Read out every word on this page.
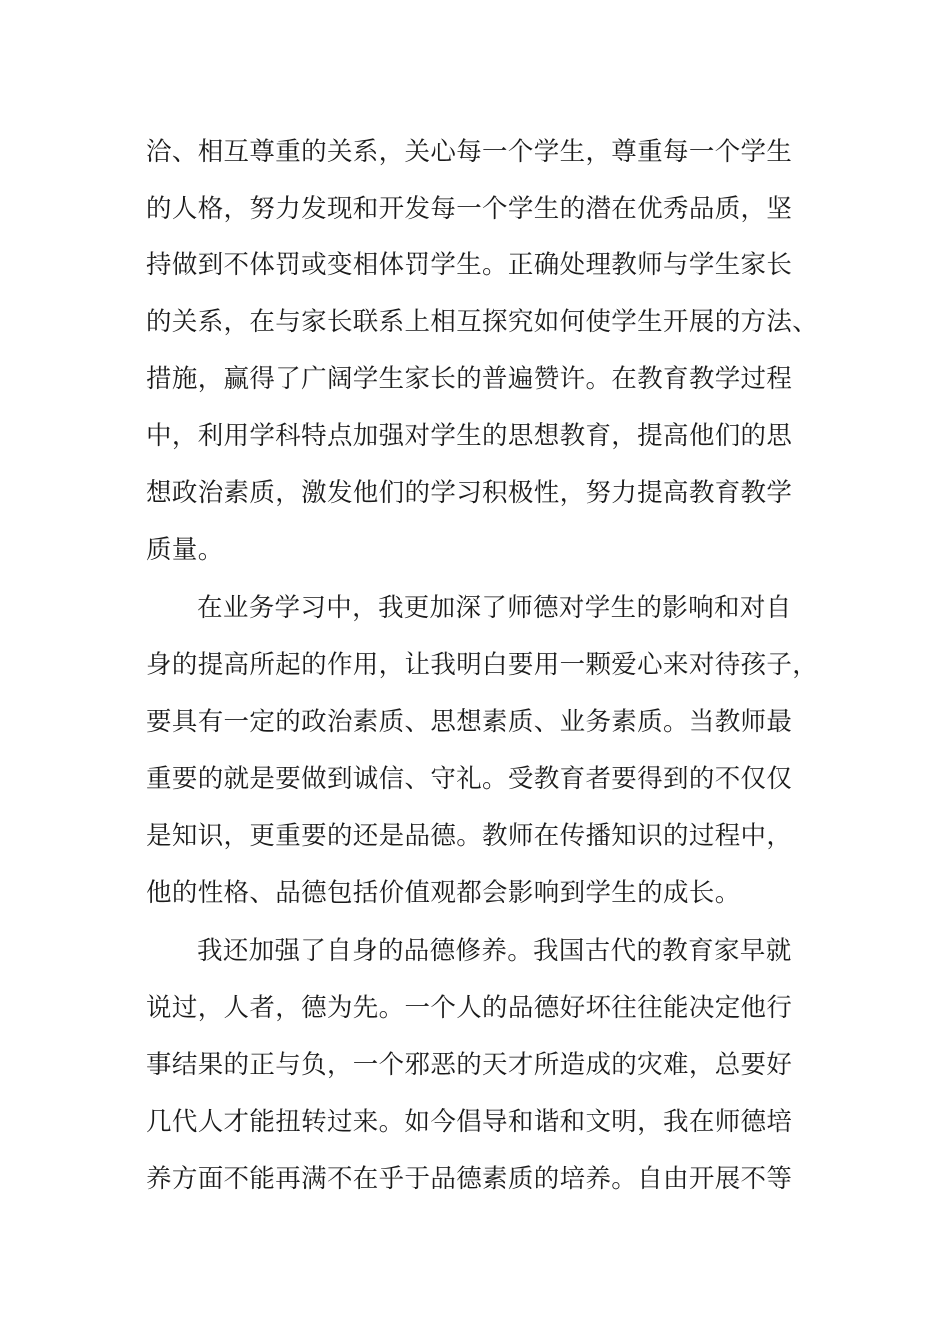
洽、相互尊重的关系，关心每一个学生，尊重每一个学生
的人格，努力发现和开发每一个学生的潜在优秀品质，坚
持做到不体罚或变相体罚学生。正确处理教师与学生家长
的关系，在与家长联系上相互探究如何使学生开展的方法、
措施，赢得了广阔学生家长的普遍赞许。在教育教学过程
中，利用学科特点加强对学生的思想教育，提高他们的思
想政治素质，激发他们的学习积极性，努力提高教育教学
质量。
在业务学习中，我更加深了师德对学生的影响和对自
身的提高所起的作用，让我明白要用一颗爱心来对待孩子，
要具有一定的政治素质、思想素质、业务素质。当教师最
重要的就是要做到诚信、守礼。受教育者要得到的不仅仅
是知识，更重要的还是品德。教师在传播知识的过程中，
他的性格、品德包括价值观都会影响到学生的成长。
我还加强了自身的品德修养。我国古代的教育家早就
说过，人者，德为先。一个人的品德好坏往往能决定他行
事结果的正与负，一个邪恶的天才所造成的灾难，总要好
几代人才能扭转过来。如今倡导和谐和文明，我在师德培
养方面不能再满不在乎于品德素质的培养。自由开展不等
